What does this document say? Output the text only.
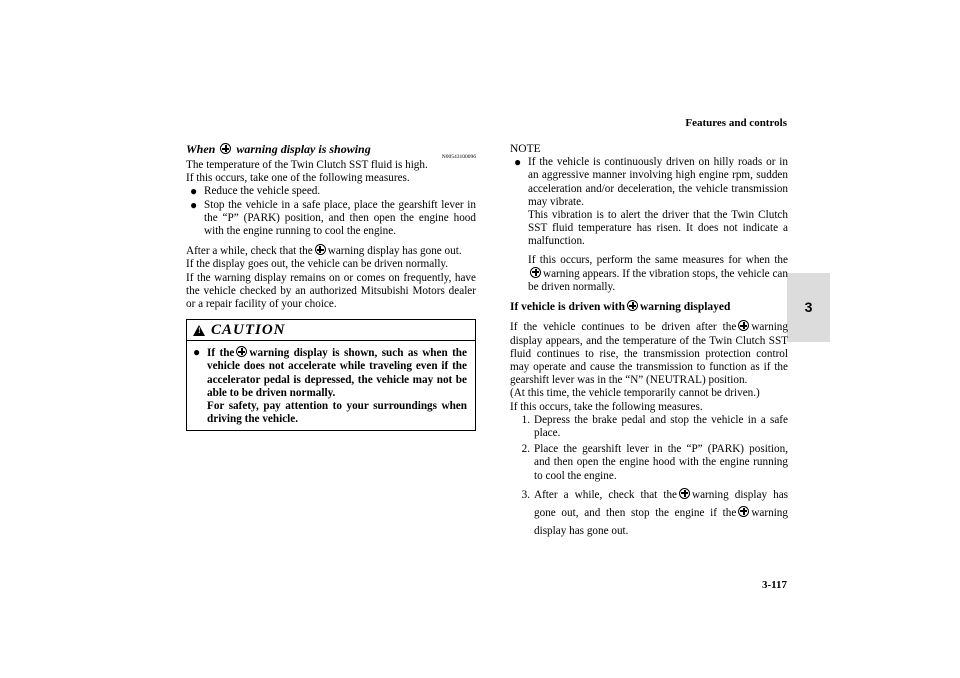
Features and controls
3
When warning display is showing
N00543100096

The temperature of the Twin Clutch SST fluid is high.

If this occurs, take one of the following measures.

● Reduce the vehicle speed.
● Stop the vehicle in a safe place, place the gearshift lever in the “P” (PARK) position, and then open the engine hood with the engine running to cool the engine.

After a while, check that the warning display has gone out.

If the display goes out, the vehicle can be driven normally.

If the warning display remains on or comes on frequently, have the vehicle checked by an authorized Mitsubishi Motors dealer or a repair facility of your choice.

! CAUTION
● If the warning display is shown, such as when the vehicle does not accelerate while traveling even if the accelerator pedal is depressed, the vehicle may not be able to be driven normally.
For safety, pay attention to your surroundings when driving the vehicle.
NOTE
● If the vehicle is continuously driven on hilly roads or in an aggressive manner involving high engine rpm, sudden acceleration and/or deceleration, the vehicle transmission may vibrate.
This vibration is to alert the driver that the Twin Clutch SST fluid temperature has risen. It does not indicate a malfunction.

If this occurs, perform the same measures for when thewarning appears. If the vibration stops, the vehicle can be driven normally.
If vehicle is driven with warning displayed

If the vehicle continues to be driven after the warning display appears, and the temperature of the Twin Clutch SST fluid continues to rise, the transmission protection control may operate and cause the transmission to function as if the gearshift lever was in the “N” (NEUTRAL) position.

(At this time, the vehicle temporarily cannot be driven.)

If this occurs, take the following measures.

1. Depress the brake pedal and stop the vehicle in a safe place.
2. Place the gearshift lever in the “P” (PARK) position, and then open the engine hood with the engine running to cool the engine.
3. After a while, check that the warning display has gone out, and then stop the engine if the warning display has gone out.
3-117
